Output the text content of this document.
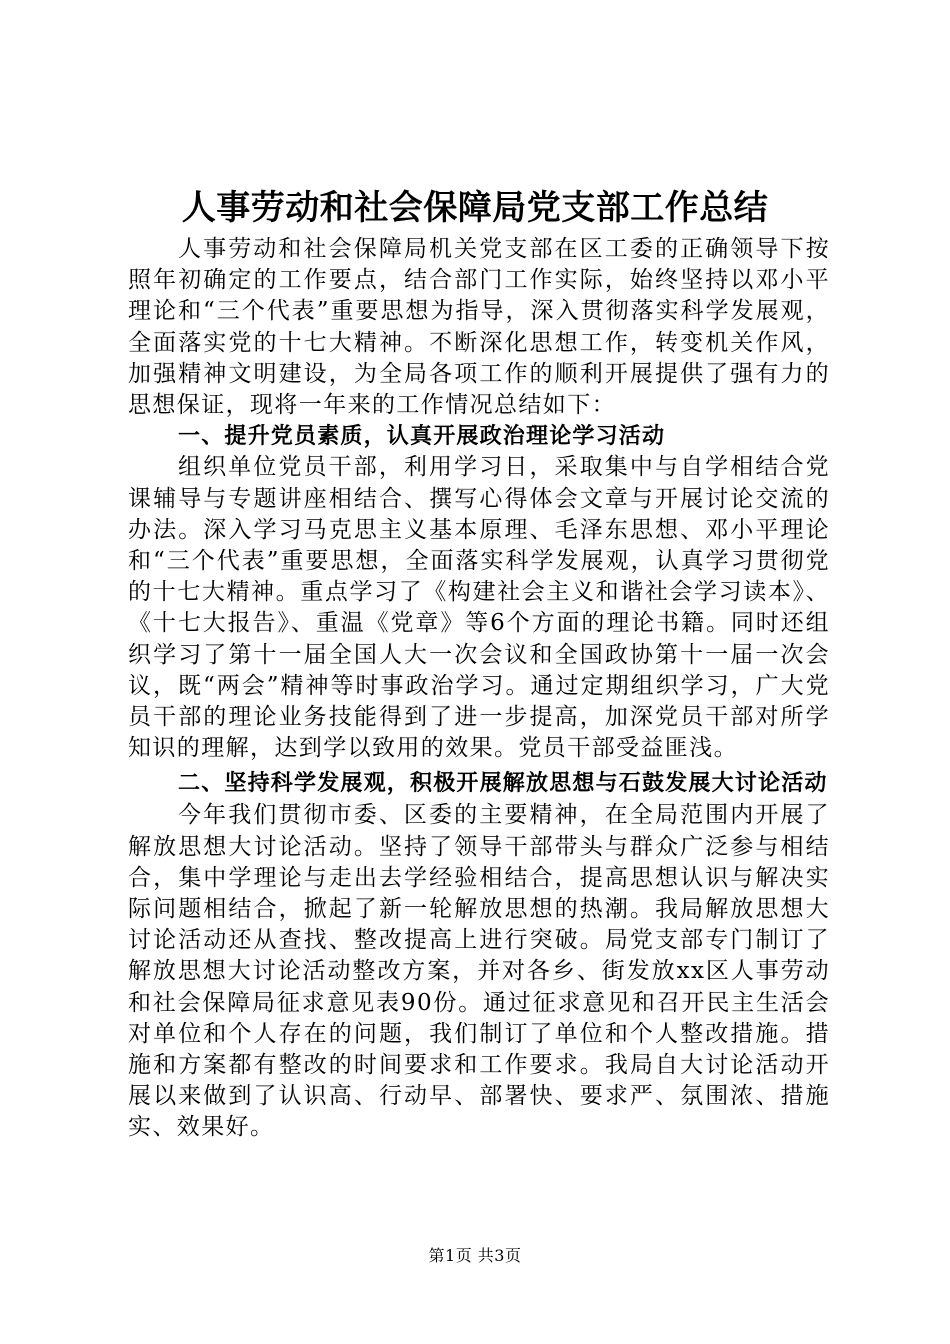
人事劳动和社会保障局党支部工作总结

人事劳动和社会保障局机关党支部在区工委的正确领导下按照年初确定的工作要点，结合部门工作实际，始终坚持以邓小平理论和“三个代表”重要思想为指导，深入贯彻落实科学发展观，全面落实党的十七大精神。不断深化思想工作，转变机关作风，加强精神文明建设，为全局各项工作的顺利开展提供了强有力的思想保证，现将一年来的工作情况总结如下：

一、提升党员素质，认真开展政治理论学习活动

组织单位党员干部，利用学习日，采取集中与自学相结合党课辅导与专题讲座相结合、撰写心得体会文章与开展讨论交流的办法。深入学习马克思主义基本原理、毛泽东思想、邓小平理论和“三个代表”重要思想，全面落实科学发展观，认真学习贯彻党的十七大精神。重点学习了《构建社会主义和谐社会学习读本》、《十七大报告》、重温《党章》等6个方面的理论书籍。同时还组织学习了第十一届全国人大一次会议和全国政协第十一届一次会议，既“两会”精神等时事政治学习。通过定期组织学习，广大党员干部的理论业务技能得到了进一步提高，加深党员干部对所学知识的理解，达到学以致用的效果。党员干部受益匪浅。

二、坚持科学发展观，积极开展解放思想与石鼓发展大讨论活动

今年我们贯彻市委、区委的主要精神，在全局范围内开展了解放思想大讨论活动。坚持了领导干部带头与群众广泛参与相结合，集中学理论与走出去学经验相结合，提高思想认识与解决实际问题相结合，掀起了新一轮解放思想的热潮。我局解放思想大讨论活动还从查找、整改提高上进行突破。局党支部专门制订了解放思想大讨论活动整改方案，并对各乡、街发放xx区人事劳动和社会保障局征求意见表90份。通过征求意见和召开民主生活会对单位和个人存在的问题，我们制订了单位和个人整改措施。措施和方案都有整改的时间要求和工作要求。我局自大讨论活动开展以来做到了认识高、行动早、部署快、要求严、氛围浓、措施实、效果好。

第1页 共3页
